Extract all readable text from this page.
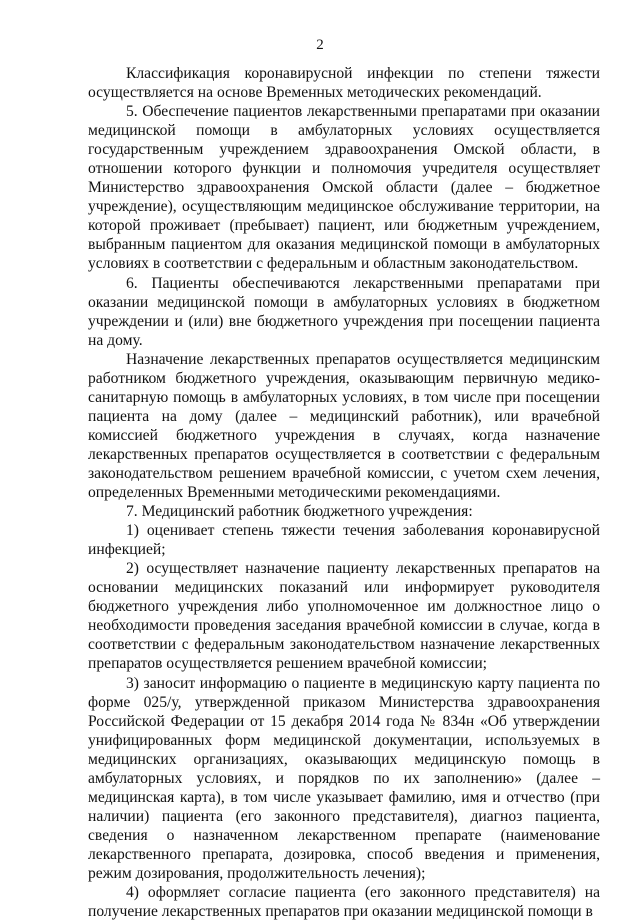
2

Классификация коронавирусной инфекции по степени тяжести осуществляется на основе Временных методических рекомендаций.

5. Обеспечение пациентов лекарственными препаратами при оказании медицинской помощи в амбулаторных условиях осуществляется государственным учреждением здравоохранения Омской области, в отношении которого функции и полномочия учредителя осуществляет Министерство здравоохранения Омской области (далее – бюджетное учреждение), осуществляющим медицинское обслуживание территории, на которой проживает (пребывает) пациент, или бюджетным учреждением, выбранным пациентом для оказания медицинской помощи в амбулаторных условиях в соответствии с федеральным и областным законодательством.

6. Пациенты обеспечиваются лекарственными препаратами при оказании медицинской помощи в амбулаторных условиях в бюджетном учреждении и (или) вне бюджетного учреждения при посещении пациента на дому.

Назначение лекарственных препаратов осуществляется медицинским работником бюджетного учреждения, оказывающим первичную медико-санитарную помощь в амбулаторных условиях, в том числе при посещении пациента на дому (далее – медицинский работник), или врачебной комиссией бюджетного учреждения в случаях, когда назначение лекарственных препаратов осуществляется в соответствии с федеральным законодательством решением врачебной комиссии, с учетом схем лечения, определенных Временными методическими рекомендациями.

7. Медицинский работник бюджетного учреждения:

1) оценивает степень тяжести течения заболевания коронавирусной инфекцией;

2) осуществляет назначение пациенту лекарственных препаратов на основании медицинских показаний или информирует руководителя бюджетного учреждения либо уполномоченное им должностное лицо о необходимости проведения заседания врачебной комиссии в случае, когда в соответствии с федеральным законодательством назначение лекарственных препаратов осуществляется решением врачебной комиссии;

3) заносит информацию о пациенте в медицинскую карту пациента по форме 025/у, утвержденной приказом Министерства здравоохранения Российской Федерации от 15 декабря 2014 года № 834н «Об утверждении унифицированных форм медицинской документации, используемых в медицинских организациях, оказывающих медицинскую помощь в амбулаторных условиях, и порядков по их заполнению» (далее – медицинская карта), в том числе указывает фамилию, имя и отчество (при наличии) пациента (его законного представителя), диагноз пациента, сведения о назначенном лекарственном препарате (наименование лекарственного препарата, дозировка, способ введения и применения, режим дозирования, продолжительность лечения);

4) оформляет согласие пациента (его законного представителя) на получение лекарственных препаратов при оказании медицинской помощи в
